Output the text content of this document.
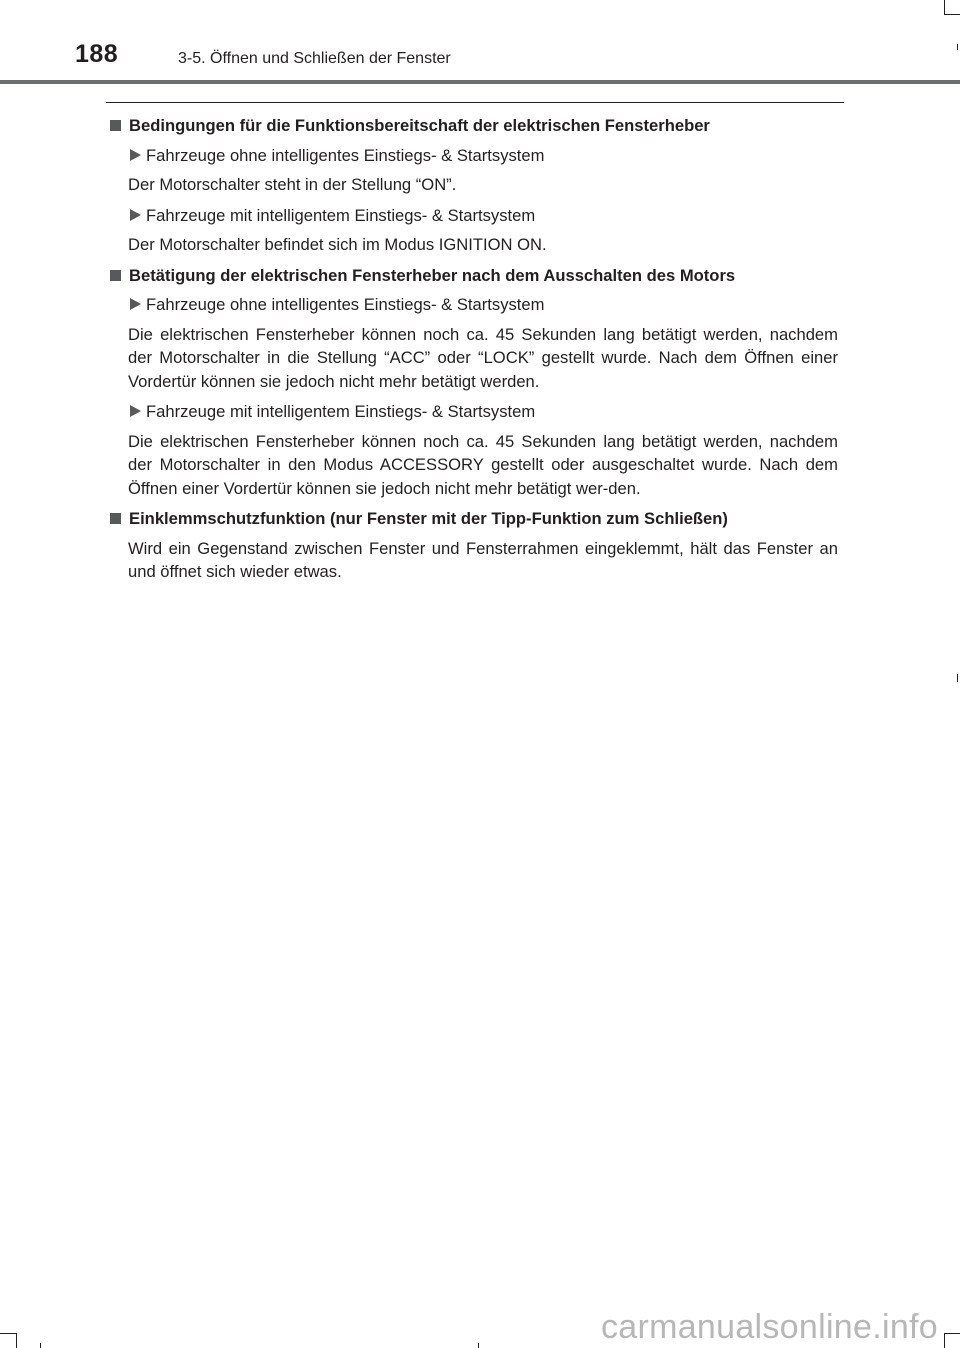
188	3-5. Öffnen und Schließen der Fenster
Bedingungen für die Funktionsbereitschaft der elektrischen Fensterheber
Fahrzeuge ohne intelligentes Einstiegs- & Startsystem
Der Motorschalter steht in der Stellung “ON”.
Fahrzeuge mit intelligentem Einstiegs- & Startsystem
Der Motorschalter befindet sich im Modus IGNITION ON.
Betätigung der elektrischen Fensterheber nach dem Ausschalten des Motors
Fahrzeuge ohne intelligentes Einstiegs- & Startsystem
Die elektrischen Fensterheber können noch ca. 45 Sekunden lang betätigt werden, nachdem der Motorschalter in die Stellung “ACC” oder “LOCK” gestellt wurde. Nach dem Öffnen einer Vordertür können sie jedoch nicht mehr betätigt werden.
Fahrzeuge mit intelligentem Einstiegs- & Startsystem
Die elektrischen Fensterheber können noch ca. 45 Sekunden lang betätigt werden, nachdem der Motorschalter in den Modus ACCESSORY gestellt oder ausgeschaltet wurde. Nach dem Öffnen einer Vordertür können sie jedoch nicht mehr betätigt wer-den.
Einklemmschutzfunktion (nur Fenster mit der Tipp-Funktion zum Schließen)
Wird ein Gegenstand zwischen Fenster und Fensterrahmen eingeklemmt, hält das Fenster an und öffnet sich wieder etwas.
carmanualsonline.info
